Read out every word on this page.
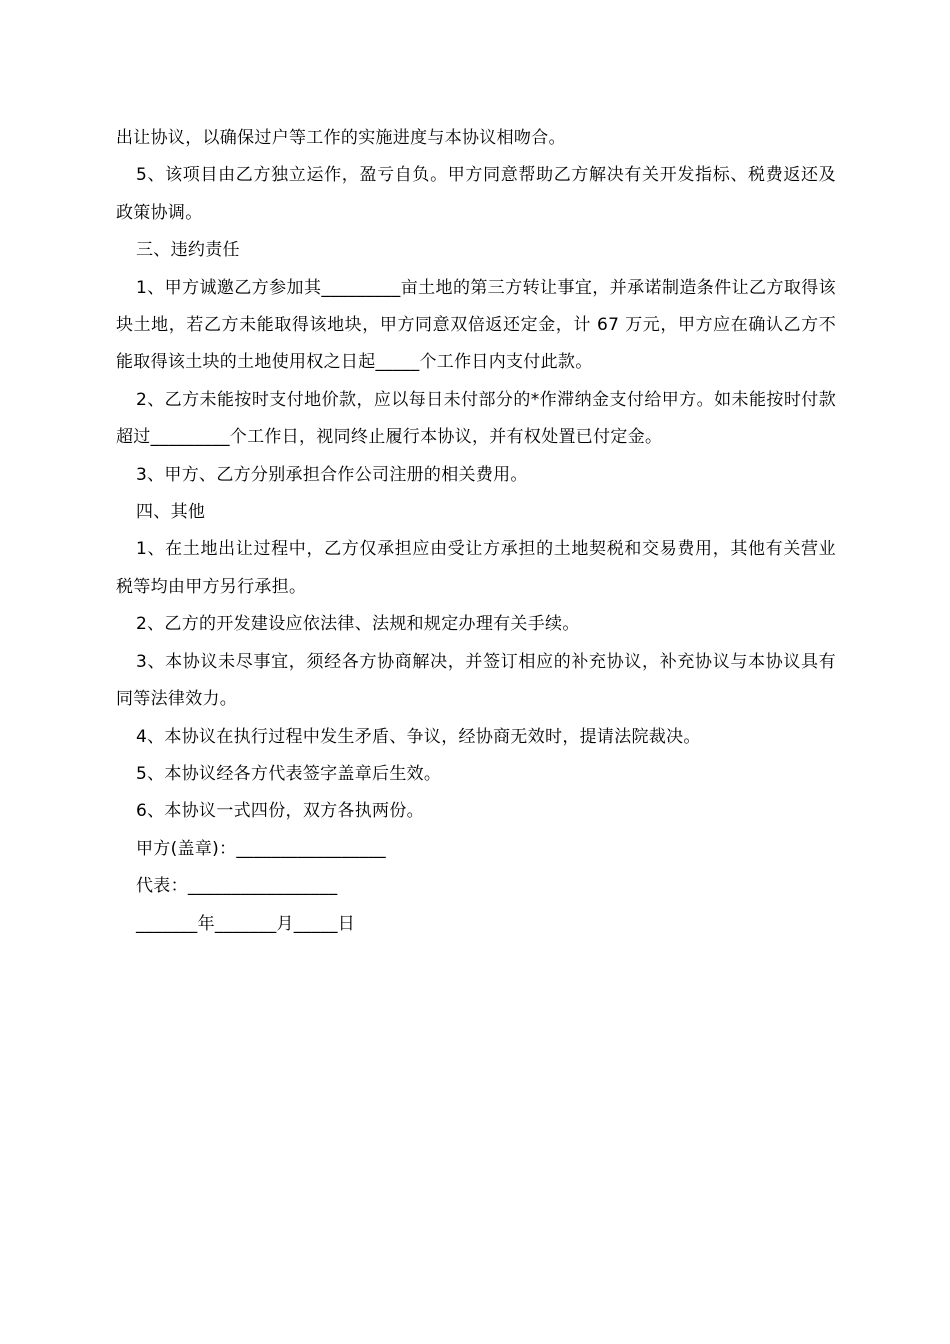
出让协议，以确保过户等工作的实施进度与本协议相吻合。

5、该项目由乙方独立运作，盈亏自负。甲方同意帮助乙方解决有关开发指标、税费返还及政策协调。

三、违约责任

1、甲方诚邀乙方参加其_________亩土地的第三方转让事宜，并承诺制造条件让乙方取得该块土地，若乙方未能取得该地块，甲方同意双倍返还定金，计 67 万元，甲方应在确认乙方不能取得该土块的土地使用权之日起_____个工作日内支付此款。

2、乙方未能按时支付地价款，应以每日未付部分的*作滞纳金支付给甲方。如未能按时付款超过_________个工作日，视同终止履行本协议，并有权处置已付定金。

3、甲方、乙方分别承担合作公司注册的相关费用。

四、其他

1、在土地出让过程中，乙方仅承担应由受让方承担的土地契税和交易费用，其他有关营业税等均由甲方另行承担。

2、乙方的开发建设应依法律、法规和规定办理有关手续。

3、本协议未尽事宜，须经各方协商解决，并签订相应的补充协议，补充协议与本协议具有同等法律效力。

4、本协议在执行过程中发生矛盾、争议，经协商无效时，提请法院裁决。

5、本协议经各方代表签字盖章后生效。

6、本协议一式四份，双方各执两份。

甲方(盖章)：_________________

代表：_________________

_______年_______月_____日
